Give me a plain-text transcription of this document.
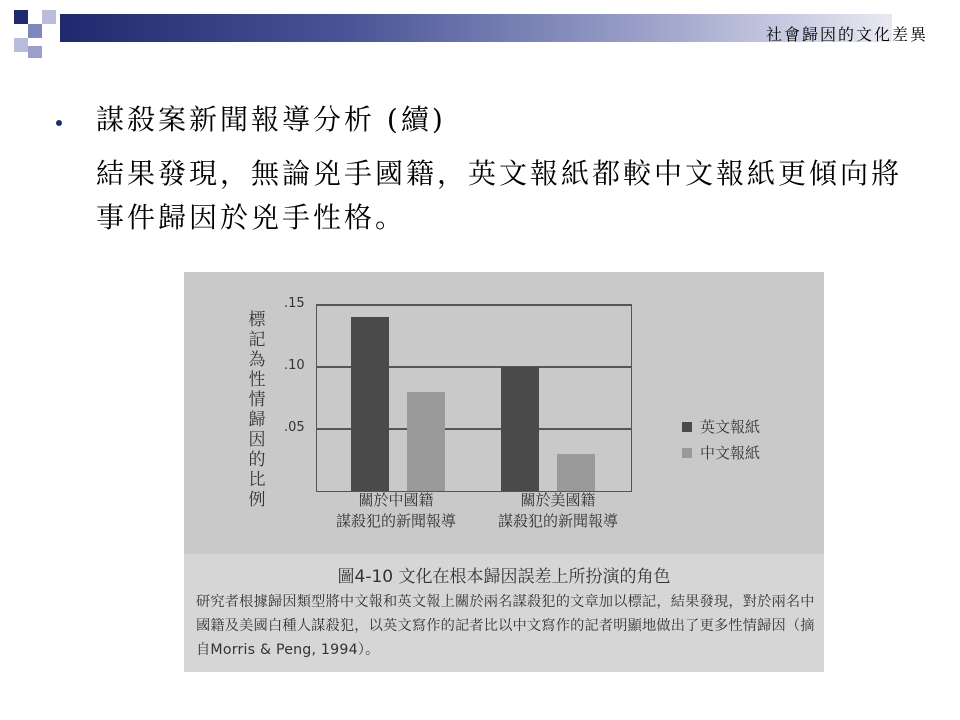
社會歸因的文化差異
謀殺案新聞報導分析 (續)
結果發現，無論兇手國籍，英文報紙都較中文報紙更傾向將事件歸因於兇手性格。
標記為性情歸因的比例
.05
.10
.15
關於中國籍
謀殺犯的新聞報導
關於美國籍
謀殺犯的新聞報導
英文報紙
中文報紙
圖4-10 文化在根本歸因誤差上所扮演的角色
研究者根據歸因類型將中文報和英文報上關於兩名謀殺犯的文章加以標記，結果發現，對於兩名中國籍及美國白種人謀殺犯，以英文寫作的記者比以中文寫作的記者明顯地做出了更多性情歸因（摘自Morris & Peng, 1994）。
